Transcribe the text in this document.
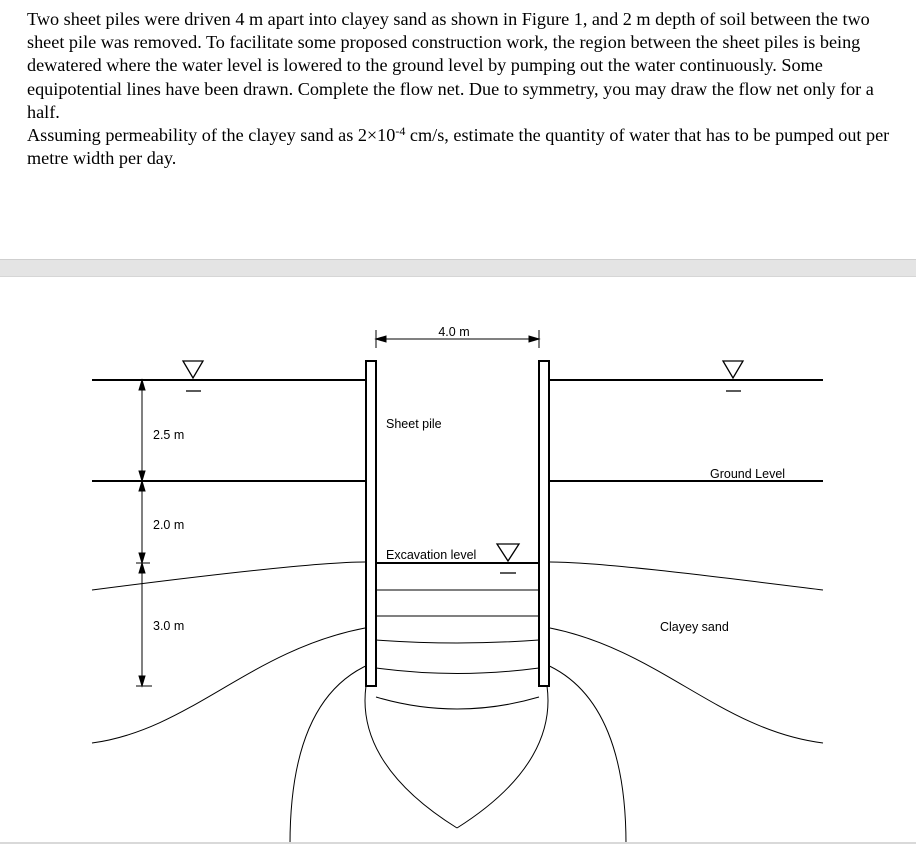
Two sheet piles were driven 4 m apart into clayey sand as shown in Figure 1, and 2 m depth of soil between the two sheet pile was removed. To facilitate some proposed construction work, the region between the sheet piles is being dewatered where the water level is lowered to the ground level by pumping out the water continuously. Some equipotential lines have been drawn. Complete the flow net. Due to symmetry, you may draw the flow net only for a half.

Assuming permeability of the clayey sand as $2\times 10^{-4}$ cm/s, estimate the quantity of water that has to be pumped out per metre width per day.

4.0 m
2.5 m
2.0 m
3.0 m
Sheet pile
Ground Level
Excavation level
Clayey sand
